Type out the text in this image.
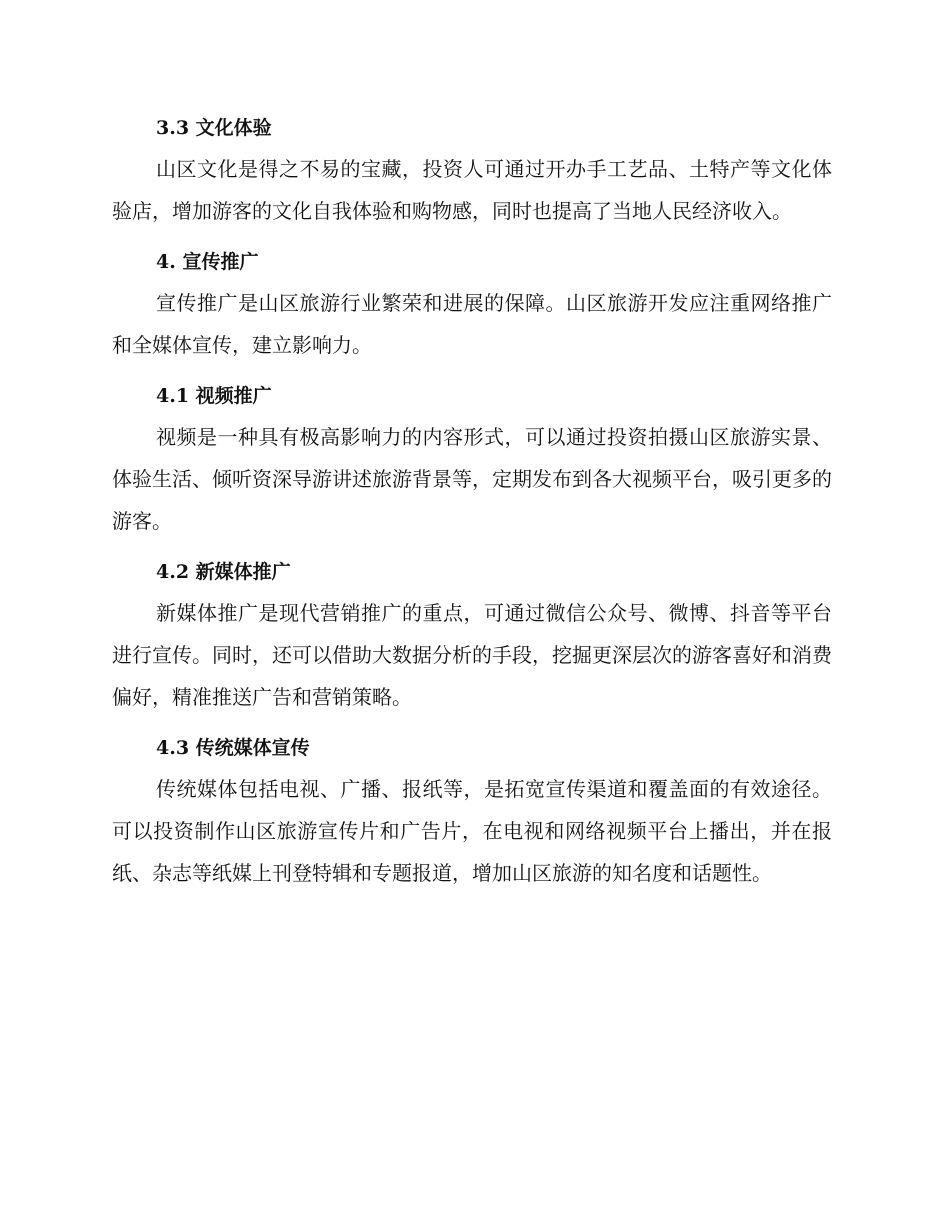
3.3 文化体验

山区文化是得之不易的宝藏，投资人可通过开办手工艺品、土特产等文化体验店，增加游客的文化自我体验和购物感，同时也提高了当地人民经济收入。

4. 宣传推广

宣传推广是山区旅游行业繁荣和进展的保障。山区旅游开发应注重网络推广和全媒体宣传，建立影响力。

4.1 视频推广

视频是一种具有极高影响力的内容形式，可以通过投资拍摄山区旅游实景、体验生活、倾听资深导游讲述旅游背景等，定期发布到各大视频平台，吸引更多的游客。

4.2 新媒体推广

新媒体推广是现代营销推广的重点，可通过微信公众号、微博、抖音等平台进行宣传。同时，还可以借助大数据分析的手段，挖掘更深层次的游客喜好和消费偏好，精准推送广告和营销策略。

4.3 传统媒体宣传

传统媒体包括电视、广播、报纸等，是拓宽宣传渠道和覆盖面的有效途径。可以投资制作山区旅游宣传片和广告片，在电视和网络视频平台上播出，并在报纸、杂志等纸媒上刊登特辑和专题报道，增加山区旅游的知名度和话题性。
